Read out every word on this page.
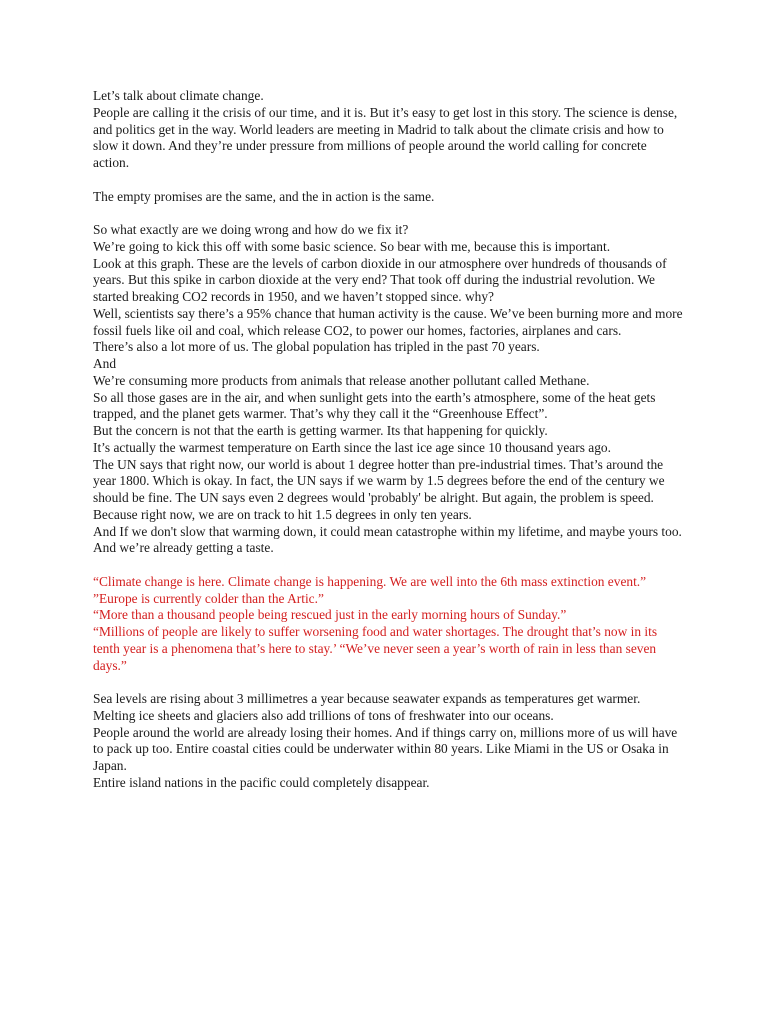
Let’s talk about climate change.

People are calling it the crisis of our time, and it is. But it’s easy to get lost in this story. The science is dense, and politics get in the way. World leaders are meeting in Madrid to talk about the climate crisis and how to slow it down. And they’re under pressure from millions of people around the world calling for concrete action.

The empty promises are the same, and the in action is the same.

So what exactly are we doing wrong and how do we fix it?

We’re going to kick this off with some basic science. So bear with me, because this is important.

Look at this graph. These are the levels of carbon dioxide in our atmosphere over hundreds of thousands of years. But this spike in carbon dioxide at the very end? That took off during the industrial revolution. We started breaking CO2 records in 1950, and we haven’t stopped since. why?

Well, scientists say there’s a 95% chance that human activity is the cause. We’ve been burning more and more fossil fuels like oil and coal, which release CO2, to power our homes, factories, airplanes and cars.

There’s also a lot more of us. The global population has tripled in the past 70 years.

And

We’re consuming more products from animals that release another pollutant called Methane.

So all those gases are in the air, and when sunlight gets into the earth’s atmosphere, some of the heat gets trapped, and the planet gets warmer. That’s why they call it the “Greenhouse Effect”.

But the concern is not that the earth is getting warmer. Its that happening for quickly.

It’s actually the warmest temperature on Earth since the last ice age since 10 thousand years ago.

The UN says that right now, our world is about 1 degree hotter than pre-industrial times. That’s around the year 1800. Which is okay. In fact, the UN says if we warm by 1.5 degrees before the end of the century we should be fine. The UN says even 2 degrees would 'probably' be alright. But again, the problem is speed. Because right now, we are on track to hit 1.5 degrees in only ten years.

And If we don't slow that warming down, it could mean catastrophe within my lifetime, and maybe yours too. And we’re already getting a taste.

“Climate change is here. Climate change is happening. We are well into the 6th mass extinction event.”

”Europe is currently colder than the Artic.”

“More than a thousand people being rescued just in the early morning hours of Sunday.”

“Millions of people are likely to suffer worsening food and water shortages. The drought that’s now in its tenth year is a phenomena that’s here to stay.’ “We’ve never seen a year’s worth of rain in less than seven days.”

Sea levels are rising about 3 millimetres a year because seawater expands as temperatures get warmer.

Melting ice sheets and glaciers also add trillions of tons of freshwater into our oceans.

People around the world are already losing their homes. And if things carry on, millions more of us will have to pack up too. Entire coastal cities could be underwater within 80 years. Like Miami in the US or Osaka in Japan.

Entire island nations in the pacific could completely disappear.
